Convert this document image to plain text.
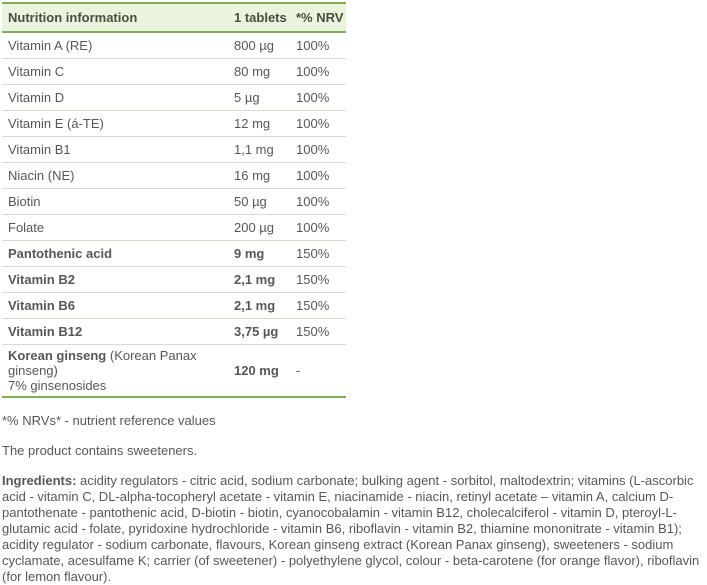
Nutrition information	1 tablets *% NRV
Vitamin A (RE)	800 µg	100%
Vitamin C	80 mg	100%
Vitamin D	5 µg	100%
Vitamin E (á-TE)	12 mg	100%
Vitamin B1	1,1 mg	100%
Niacin (NE)	16 mg	100%
Biotin	50 µg	100%
Folate	200 µg	100%
Pantothenic acid	9 mg	150%
Vitamin B2	2,1 mg	150%
Vitamin B6	2,1 mg	150%
Vitamin B12	3,75 µg	150%
Korean ginseng (Korean Panax ginseng)
7% ginsenosides
120 mg	-

*% NRVs* - nutrient reference values

The product contains sweeteners.

Ingredients: acidity regulators - citric acid, sodium carbonate; bulking agent - sorbitol, maltodextrin; vitamins (L-ascorbic acid - vitamin C, DL-alpha-tocopheryl acetate - vitamin E, niacinamide - niacin, retinyl acetate – vitamin A, calcium D-pantothenate - pantothenic acid, D-biotin - biotin, cyanocobalamin - vitamin B12, cholecalciferol - vitamin D, pteroyl-L-glutamic acid - folate, pyridoxine hydrochloride - vitamin B6, riboflavin - vitamin B2, thiamine mononitrate - vitamin B1); acidity regulator - sodium carbonate, flavours, Korean ginseng extract (Korean Panax ginseng), sweeteners - sodium cyclamate, acesulfame K; carrier (of sweetener) - polyethylene glycol, colour - beta-carotene (for orange flavor), riboflavin (for lemon flavour).
